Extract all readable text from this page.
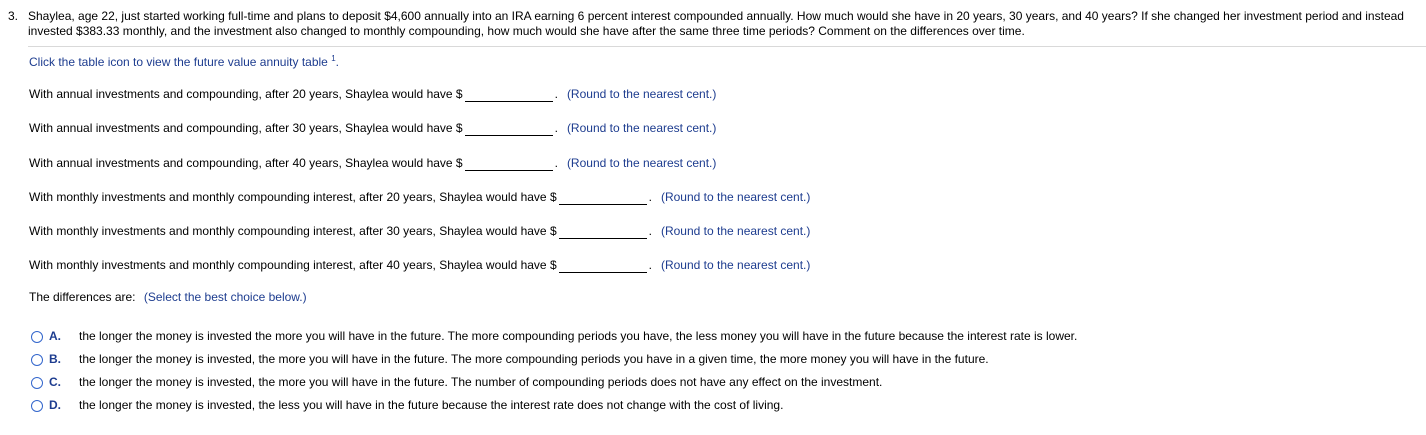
3. Shaylea, age 22, just started working full-time and plans to deposit $4,600 annually into an IRA earning 6 percent interest compounded annually. How much would she have in 20 years, 30 years, and 40 years? If she changed her investment period and instead invested $383.33 monthly, and the investment also changed to monthly compounding, how much would she have after the same three time periods? Comment on the differences over time.
Click the table icon to view the future value annuity table $^1$.
With annual investments and compounding, after 20 years, Shaylea would have $	. (Round to the nearest cent.)
With annual investments and compounding, after 30 years, Shaylea would have $	. (Round to the nearest cent.)
With annual investments and compounding, after 40 years, Shaylea would have $	. (Round to the nearest cent.)
With monthly investments and monthly compounding interest, after 20 years, Shaylea would have $	. (Round to the nearest cent.)
With monthly investments and monthly compounding interest, after 30 years, Shaylea would have $	. (Round to the nearest cent.)
With monthly investments and monthly compounding interest, after 40 years, Shaylea would have $	. (Round to the nearest cent.)
The differences are: (Select the best choice below.)
A.	the longer the money is invested the more you will have in the future. The more compounding periods you have, the less money you will have in the future because the interest rate is lower.
B.	the longer the money is invested, the more you will have in the future. The more compounding periods you have in a given time, the more money you will have in the future.
C.	the longer the money is invested, the more you will have in the future. The number of compounding periods does not have any effect on the investment.
D.	the longer the money is invested, the less you will have in the future because the interest rate does not change with the cost of living.
